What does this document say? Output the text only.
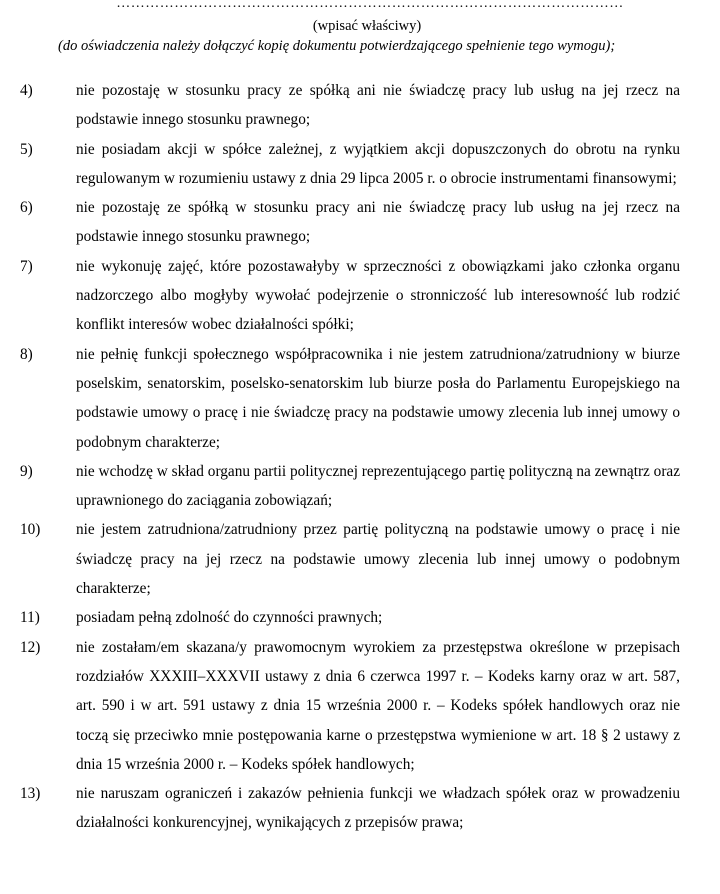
……………………………………………………………………………………………
(wpisać właściwy)
(do oświadczenia należy dołączyć kopię dokumentu potwierdzającego spełnienie tego wymogu);
4)	nie pozostaję w stosunku pracy ze spółką ani nie świadczę pracy lub usług na jej rzecz na podstawie innego stosunku prawnego;
5)	nie posiadam akcji w spółce zależnej, z wyjątkiem akcji dopuszczonych do obrotu na rynku regulowanym w rozumieniu ustawy z dnia 29 lipca 2005 r. o obrocie instrumentami finansowymi;
6)	nie pozostaję ze spółką w stosunku pracy ani nie świadczę pracy lub usług na jej rzecz na podstawie innego stosunku prawnego;
7)	nie wykonuję zajęć, które pozostawałyby w sprzeczności z obowiązkami jako członka organu nadzorczego albo mogłyby wywołać podejrzenie o stronniczość lub interesowność lub rodzić konflikt interesów wobec działalności spółki;
8)	nie pełnię funkcji społecznego współpracownika i nie jestem zatrudniona/zatrudniony w biurze poselskim, senatorskim, poselsko-senatorskim lub biurze posła do Parlamentu Europejskiego na podstawie umowy o pracę i nie świadczę pracy na podstawie umowy zlecenia lub innej umowy o podobnym charakterze;
9)	nie wchodzę w skład organu partii politycznej reprezentującego partię polityczną na zewnątrz oraz uprawnionego do zaciągania zobowiązań;
10)	nie jestem zatrudniona/zatrudniony przez partię polityczną na podstawie umowy o pracę i nie świadczę pracy na jej rzecz na podstawie umowy zlecenia lub innej umowy o podobnym charakterze;
11)	posiadam pełną zdolność do czynności prawnych;
12)	nie zostałam/em skazana/y prawomocnym wyrokiem za przestępstwa określone w przepisach rozdziałów XXXIII–XXXVII ustawy z dnia 6 czerwca 1997 r. – Kodeks karny oraz w art. 587, art. 590 i w art. 591 ustawy z dnia 15 września 2000 r. – Kodeks spółek handlowych oraz nie toczą się przeciwko mnie postępowania karne o przestępstwa wymienione w art. 18 § 2 ustawy z dnia 15 września 2000 r. – Kodeks spółek handlowych;
13)	nie naruszam ograniczeń i zakazów pełnienia funkcji we władzach spółek oraz w prowadzeniu działalności konkurencyjnej, wynikających z przepisów prawa;
